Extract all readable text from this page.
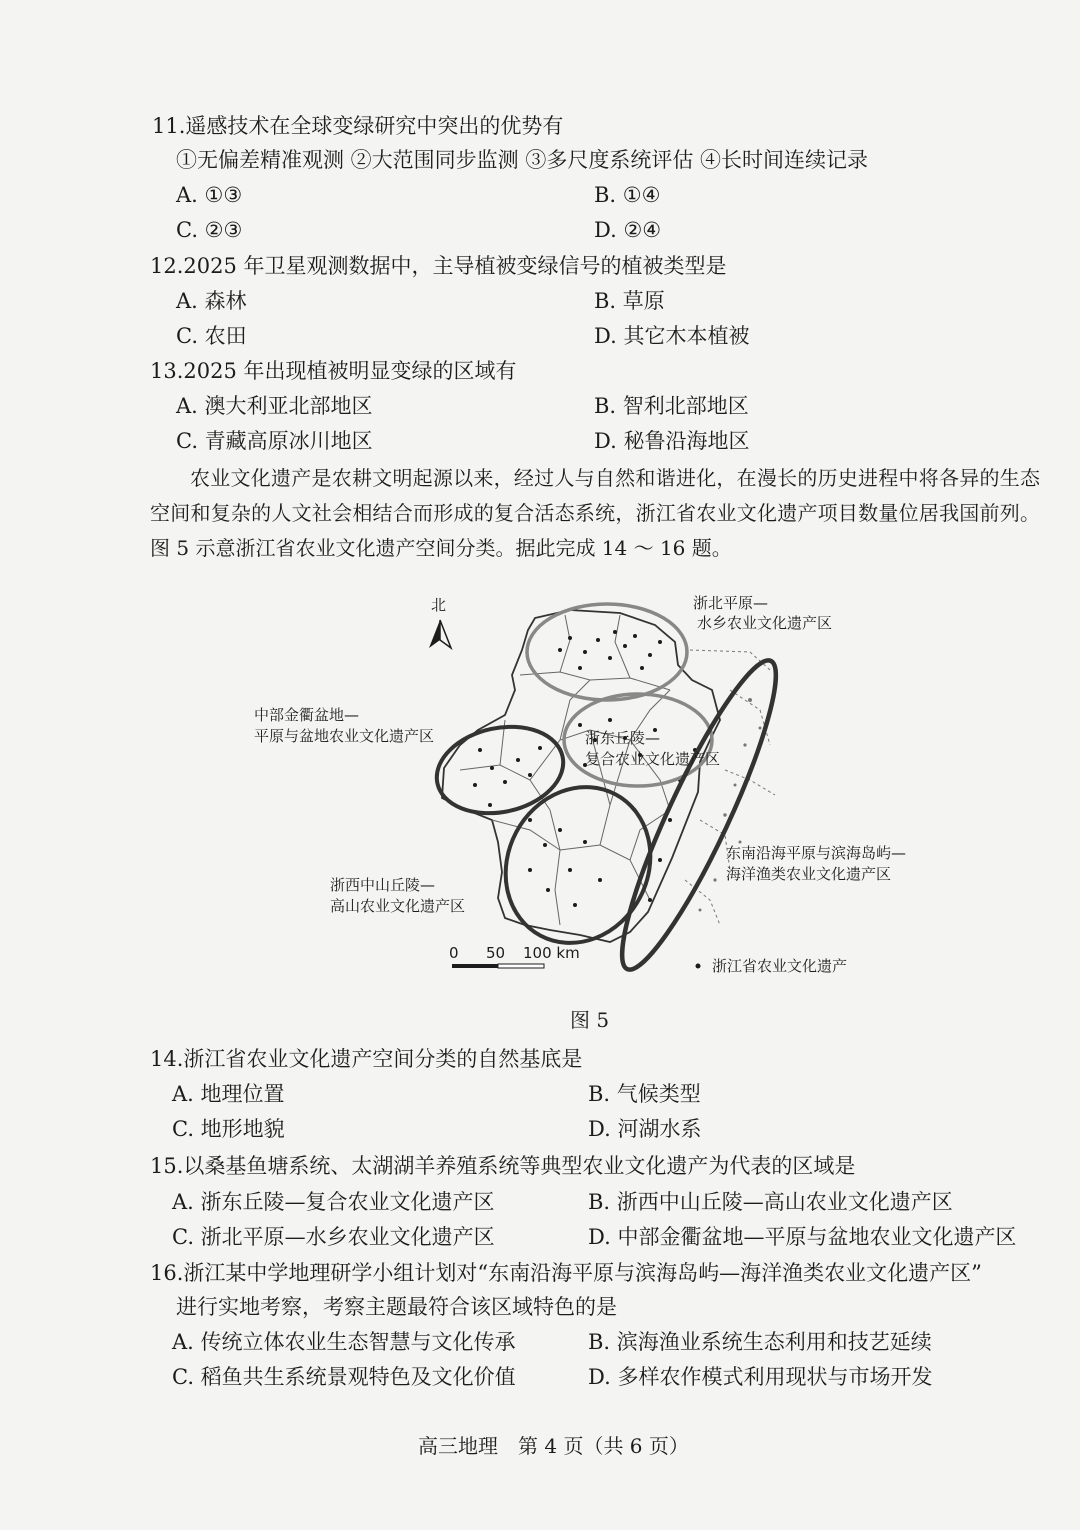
11.遥感技术在全球变绿研究中突出的优势有
①无偏差精准观测 ②大范围同步监测 ③多尺度系统评估 ④长时间连续记录
A. ①③	B. ①④
C. ②③	D. ②④
12.2025 年卫星观测数据中，主导植被变绿信号的植被类型是
A. 森林	B. 草原
C. 农田	D. 其它木本植被
13.2025 年出现植被明显变绿的区域有
A. 澳大利亚北部地区	B. 智利北部地区
C. 青藏高原冰川地区	D. 秘鲁沿海地区

农业文化遗产是农耕文明起源以来，经过人与自然和谐进化，在漫长的历史进程中将各异的生态空间和复杂的人文社会相结合而形成的复合活态系统，浙江省农业文化遗产项目数量位居我国前列。图 5 示意浙江省农业文化遗产空间分类。据此完成 14 ～ 16 题。

北	浙北平原—
水乡农业文化遗产区
中部金衢盆地—
平原与盆地农业文化遗产区	浙东丘陵—
复合农业文化遗产区
东南沿海平原与滨海岛屿—
海洋渔类农业文化遗产区
浙西中山丘陵—
高山农业文化遗产区
0 50 100 km
浙江省农业文化遗产
图 5
14.浙江省农业文化遗产空间分类的自然基底是
A. 地理位置	B. 气候类型
C. 地形地貌	D. 河湖水系
15.以桑基鱼塘系统、太湖湖羊养殖系统等典型农业文化遗产为代表的区域是
A. 浙东丘陵—复合农业文化遗产区	B. 浙西中山丘陵—高山农业文化遗产区
C. 浙北平原—水乡农业文化遗产区	D. 中部金衢盆地—平原与盆地农业文化遗产区
16.浙江某中学地理研学小组计划对“东南沿海平原与滨海岛屿—海洋渔类农业文化遗产区”
进行实地考察，考察主题最符合该区域特色的是
A. 传统立体农业生态智慧与文化传承	B. 滨海渔业系统生态利用和技艺延续
C. 稻鱼共生系统景观特色及文化价值	D. 多样农作模式利用现状与市场开发
高三地理　第 4 页（共 6 页）
